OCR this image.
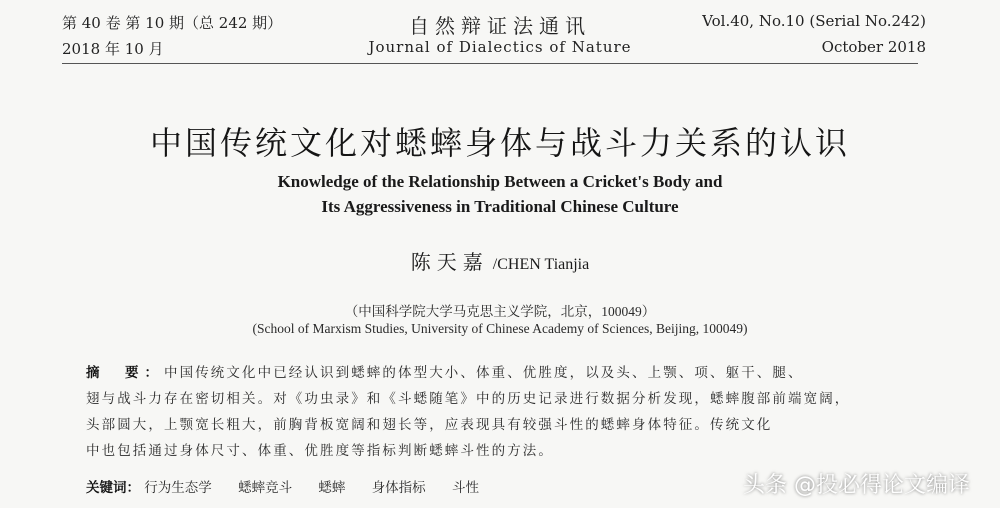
第 40 卷 第 10 期（总 242 期）	自然辩证法通讯	Vol.40, No.10 (Serial No.242)
2018 年 10 月	Journal of Dialectics of Nature	October 2018
中国传统文化对蟋蟀身体与战斗力关系的认识
Knowledge of the Relationship Between a Cricket's Body and
Its Aggressiveness in Traditional Chinese Culture
陈天嘉 /CHEN Tianjia
（中国科学院大学马克思主义学院，北京，100049）
(School of Marxism Studies, University of Chinese Academy of Sciences, Beijing, 100049)
摘　要：中国传统文化中已经认识到蟋蟀的体型大小、体重、优胜度，以及头、上颚、项、躯干、腿、
翅与战斗力存在密切相关。对《功虫录》和《斗蟋随笔》中的历史记录进行数据分析发现，蟋蟀腹部前端宽阔，
头部圆大，上颚宽长粗大，前胸背板宽阔和翅长等，应表现具有较强斗性的蟋蟀身体特征。传统文化
中也包括通过身体尺寸、体重、优胜度等指标判断蟋蟀斗性的方法。
关键词： 行为生态学 蟋蟀竞斗 蟋蟀 身体指标 斗性	头条 @投必得论文编译
